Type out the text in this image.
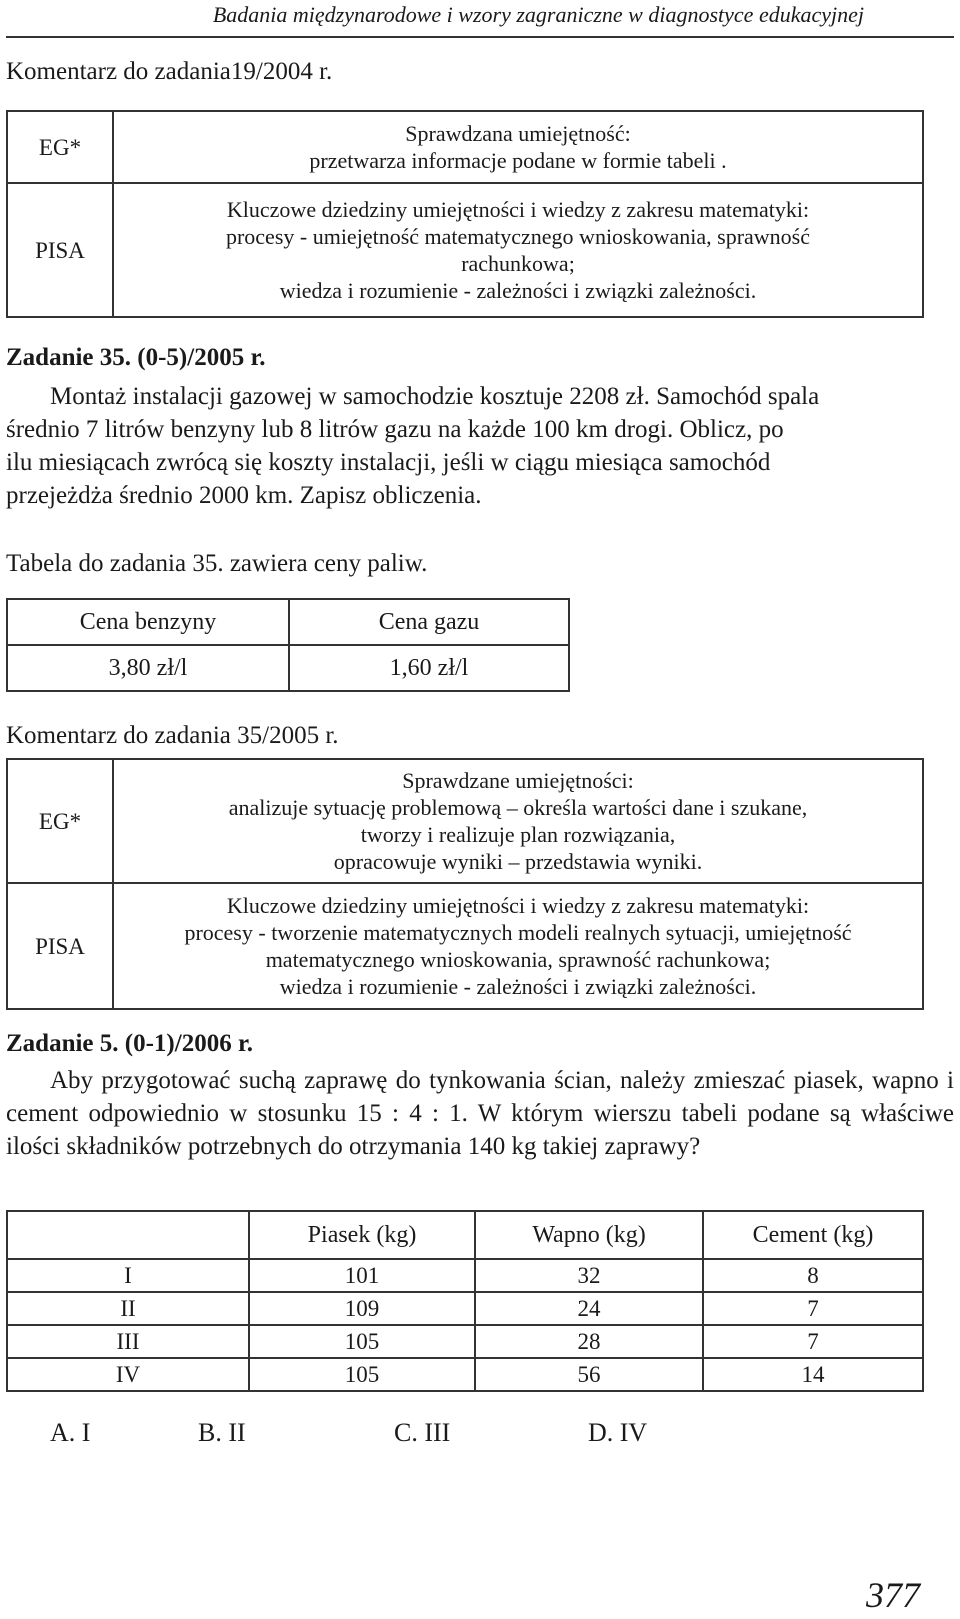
Badania międzynarodowe i wzory zagraniczne w diagnostyce edukacyjnej
Komentarz do zadania19/2004 r.
EG*	Sprawdzana umiejętność:
przetwarza informacje podane w formie tabeli .

PISA	Kluczowe dziedziny umiejętności i wiedzy z zakresu matematyki:
procesy - umiejętność matematycznego wnioskowania, sprawność
rachunkowa;
wiedza i rozumienie - zależności i związki zależności.
Zadanie 35. (0-5)/2005 r.
Montaż instalacji gazowej w samochodzie kosztuje 2208 zł. Samochód spala
średnio 7 litrów benzyny lub 8 litrów gazu na każde 100 km drogi. Oblicz, po
ilu miesiącach zwrócą się koszty instalacji, jeśli w ciągu miesiąca samochód
przejeżdża średnio 2000 km. Zapisz obliczenia.
Tabela do zadania 35. zawiera ceny paliw.
Cena benzyny	Cena gazu
3,80 zł/l	1,60 zł/l
Komentarz do zadania 35/2005 r.
EG*	Sprawdzane umiejętności:
analizuje sytuację problemową – określa wartości dane i szukane,
tworzy i realizuje plan rozwiązania,
opracowuje wyniki – przedstawia wyniki.

PISA	Kluczowe dziedziny umiejętności i wiedzy z zakresu matematyki:
procesy - tworzenie matematycznych modeli realnych sytuacji, umiejętność
matematycznego wnioskowania, sprawność rachunkowa;
wiedza i rozumienie - zależności i związki zależności.
Zadanie 5. (0-1)/2006 r.
Aby przygotować suchą zaprawę do tynkowania ścian, należy zmieszać piasek, wapno i cement odpowiednio w stosunku 15 : 4 : 1. W którym wierszu tabeli podane są właściwe ilości składników potrzebnych do otrzymania 140 kg takiej zaprawy?
	Piasek (kg)	Wapno (kg)	Cement (kg)
I	101	32	8
II	109	24	7
III	105	28	7
IV	105	56	14
A. I	B. II	C. III	D. IV
377
